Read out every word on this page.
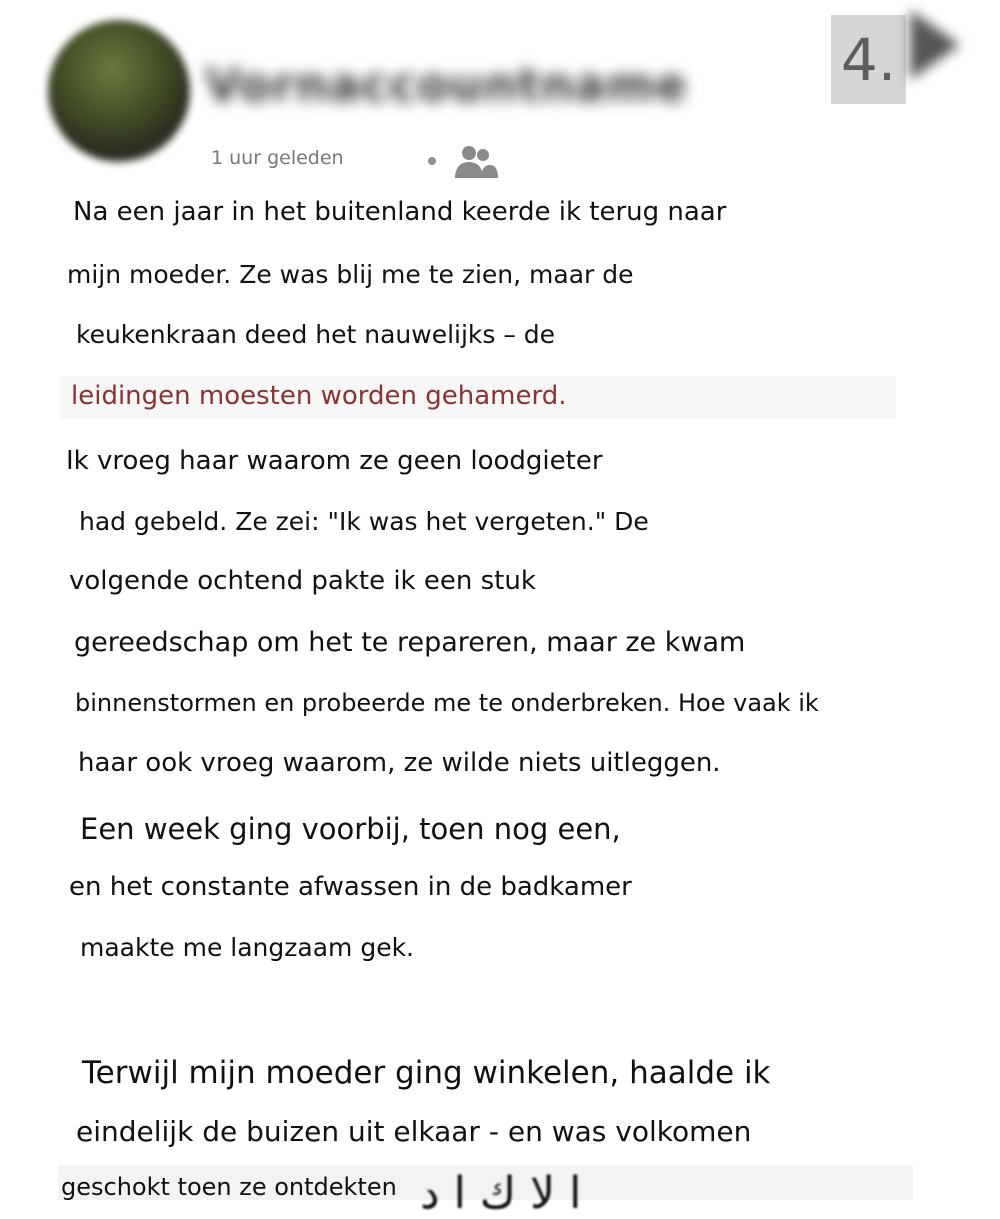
Vornaccountname	4.
1 uur geleden
Na een jaar in het buitenland keerde ik terug naar
mijn moeder. Ze was blij me te zien, maar de
keukenkraan deed het nauwelijks – de
leidingen moesten worden gehamerd.
Ik vroeg haar waarom ze geen loodgieter
had gebeld. Ze zei: "Ik was het vergeten." De
volgende ochtend pakte ik een stuk
gereedschap om het te repareren, maar ze kwam
binnenstormen en probeerde me te onderbreken. Hoe vaak ik
haar ook vroeg waarom, ze wilde niets uitleggen.
Een week ging voorbij, toen nog een,
en het constante afwassen in de badkamer
maakte me langzaam gek.
Terwijl mijn moeder ging winkelen, haalde ik
eindelijk de buizen uit elkaar - en was volkomen
geschokt toen ze ontdekten ا لا ك ا د
